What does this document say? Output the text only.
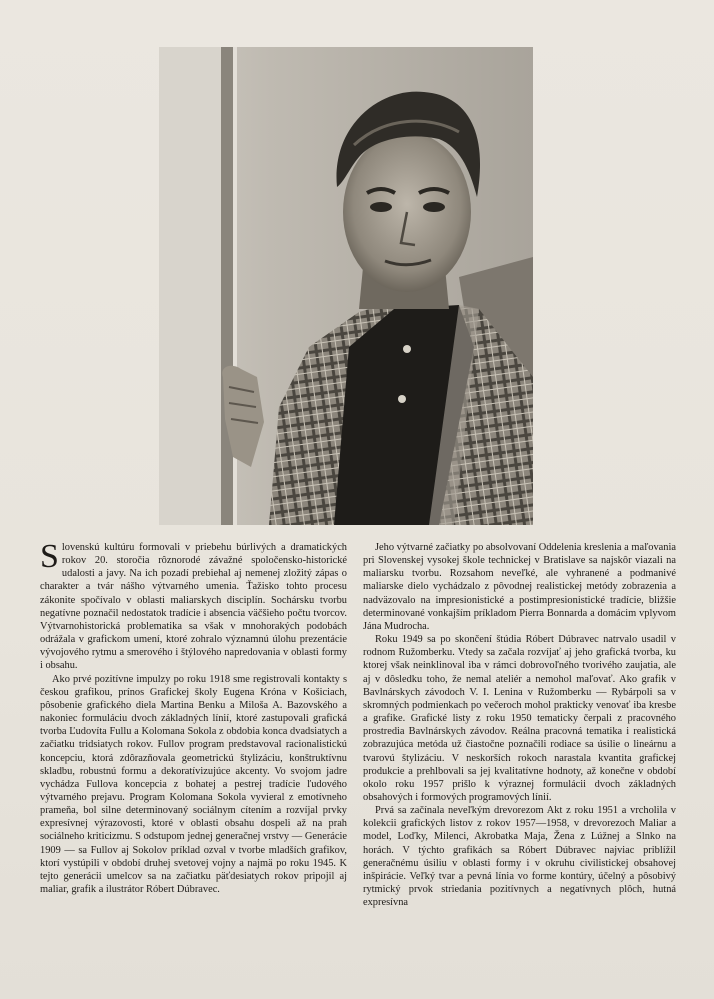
Slovenskú kultúru formovali v priebehu búrlivých a dramatických rokov 20. storočia rôznorodé závažné spoločensko-historické udalosti a javy. Na ich pozadí prebiehal aj nemenej zložitý zápas o charakter a tvár nášho výtvarného umenia. Ťažisko tohto procesu zákonite spočívalo v oblasti maliarskych disciplín. Sochársku tvorbu negatívne poznačil nedostatok tradície i absencia väčšieho počtu tvorcov. Výtvarnohistorická problematika sa však v mnohorakých podobách odrážala v grafickom umení, ktoré zohralo významnú úlohu prezentácie vývojového rytmu a smerového i štýlového napredovania v oblasti formy i obsahu.

Ako prvé pozitívne impulzy po roku 1918 sme registrovali kontakty s českou grafikou, prínos Grafickej školy Eugena Króna v Košiciach, pôsobenie grafického diela Martina Benku a Miloša A. Bazovského a nakoniec formuláciu dvoch základných línií, ktoré zastupovali grafická tvorba Ľudovíta Fullu a Kolomana Sokola z obdobia konca dvadsiatych a začiatku tridsiatych rokov. Fullov program predstavoval racionalistickú koncepciu, ktorá zdôrazňovala geometrickú štylizáciu, konštruktívnu skladbu, robustnú formu a dekoratívizujúce akcenty. Vo svojom jadre vychádza Fullova koncepcia z bohatej a pestrej tradície ľudového výtvarného prejavu. Program Kolomana Sokola vyvieral z emotívneho prameňa, bol silne determinovaný sociálnym cítením a rozvíjal prvky expresívnej výrazovosti, ktoré v oblasti obsahu dospeli až na prah sociálneho kriticizmu. S odstupom jednej generačnej vrstvy — Generácie 1909 — sa Fullov aj Sokolov príklad ozval v tvorbe mladších grafikov, ktorí vystúpili v období druhej svetovej vojny a najmä po roku 1945. K tejto generácii umelcov sa na začiatku päťdesiatych rokov pripojil aj maliar, grafik a ilustrátor Róbert Dúbravec.

Jeho výtvarné začiatky po absolvovaní Oddelenia kreslenia a maľovania pri Slovenskej vysokej škole technickej v Bratislave sa najskôr viazali na maliarsku tvorbu. Rozsahom neveľké, ale vyhranené a podmanivé maliarske dielo vychádzalo z pôvodnej realistickej metódy zobrazenia a nadväzovalo na impresionistické a postimpresionistické tradície, bližšie determinované vonkajším príkladom Pierra Bonnarda a domácim vplyvom Jána Mudrocha.

Roku 1949 sa po skončení štúdia Róbert Dúbravec natrvalo usadil v rodnom Ružomberku. Vtedy sa začala rozvíjať aj jeho grafická tvorba, ku ktorej však neinklinoval iba v rámci dobrovoľného tvorivého zaujatia, ale aj v dôsledku toho, že nemal ateliér a nemohol maľovať. Ako grafik v Bavlnárskych závodoch V. I. Lenina v Ružomberku — Rybárpoli sa v skromných podmienkach po večeroch mohol prakticky venovať iba kresbe a grafike. Grafické listy z roku 1950 tematicky čerpali z pracovného prostredia Bavlnárskych závodov. Reálna pracovná tematika i realistická zobrazujúca metóda už čiastočne poznačili rodiace sa úsilie o lineárnu a tvarovú štylizáciu. V neskorších rokoch narastala kvantita grafickej produkcie a prehlbovali sa jej kvalitatívne hodnoty, až konečne v období okolo roku 1957 prišlo k výraznej formulácii dvoch základných obsahových i formových programových línií.

Prvá sa začínala neveľkým drevorezom Akt z roku 1951 a vrcholila v kolekcii grafických listov z rokov 1957—1958, v drevorezoch Maliar a model, Loďky, Milenci, Akrobatka Maja, Žena z Lúžnej a Slnko na horách. V týchto grafikách sa Róbert Dúbravec najviac priblížil generačnému úsiliu v oblasti formy i v okruhu civilistickej obsahovej inšpirácie. Veľký tvar a pevná línia vo forme kontúry, účelný a pôsobivý rytmický prvok striedania pozitívnych a negatívnych plôch, hutná expresívna
